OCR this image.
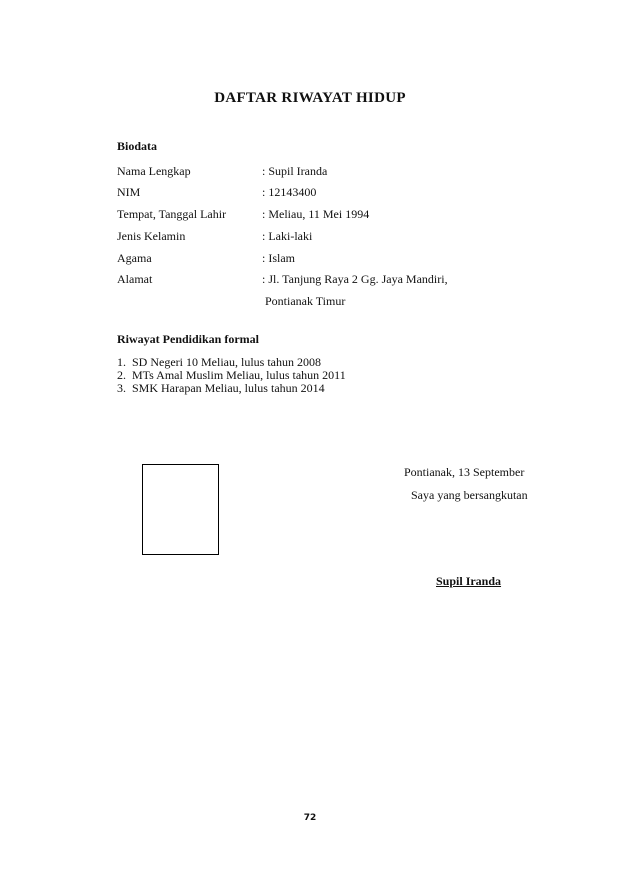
DAFTAR RIWAYAT HIDUP
Biodata
Nama Lengkap	: Supil Iranda
NIM	: 12143400
Tempat, Tanggal Lahir	: Meliau, 11 Mei 1994
Jenis Kelamin	: Laki-laki
Agama	: Islam
Alamat	: Jl. Tanjung Raya 2 Gg. Jaya Mandiri,
Pontianak Timur
Riwayat Pendidikan formal
1. SD Negeri 10 Meliau, lulus tahun 2008
2. MTs Amal Muslim Meliau, lulus tahun 2011
3. SMK Harapan Meliau, lulus tahun 2014
Pontianak, 13 September
Saya yang bersangkutan
Supil Iranda
72
